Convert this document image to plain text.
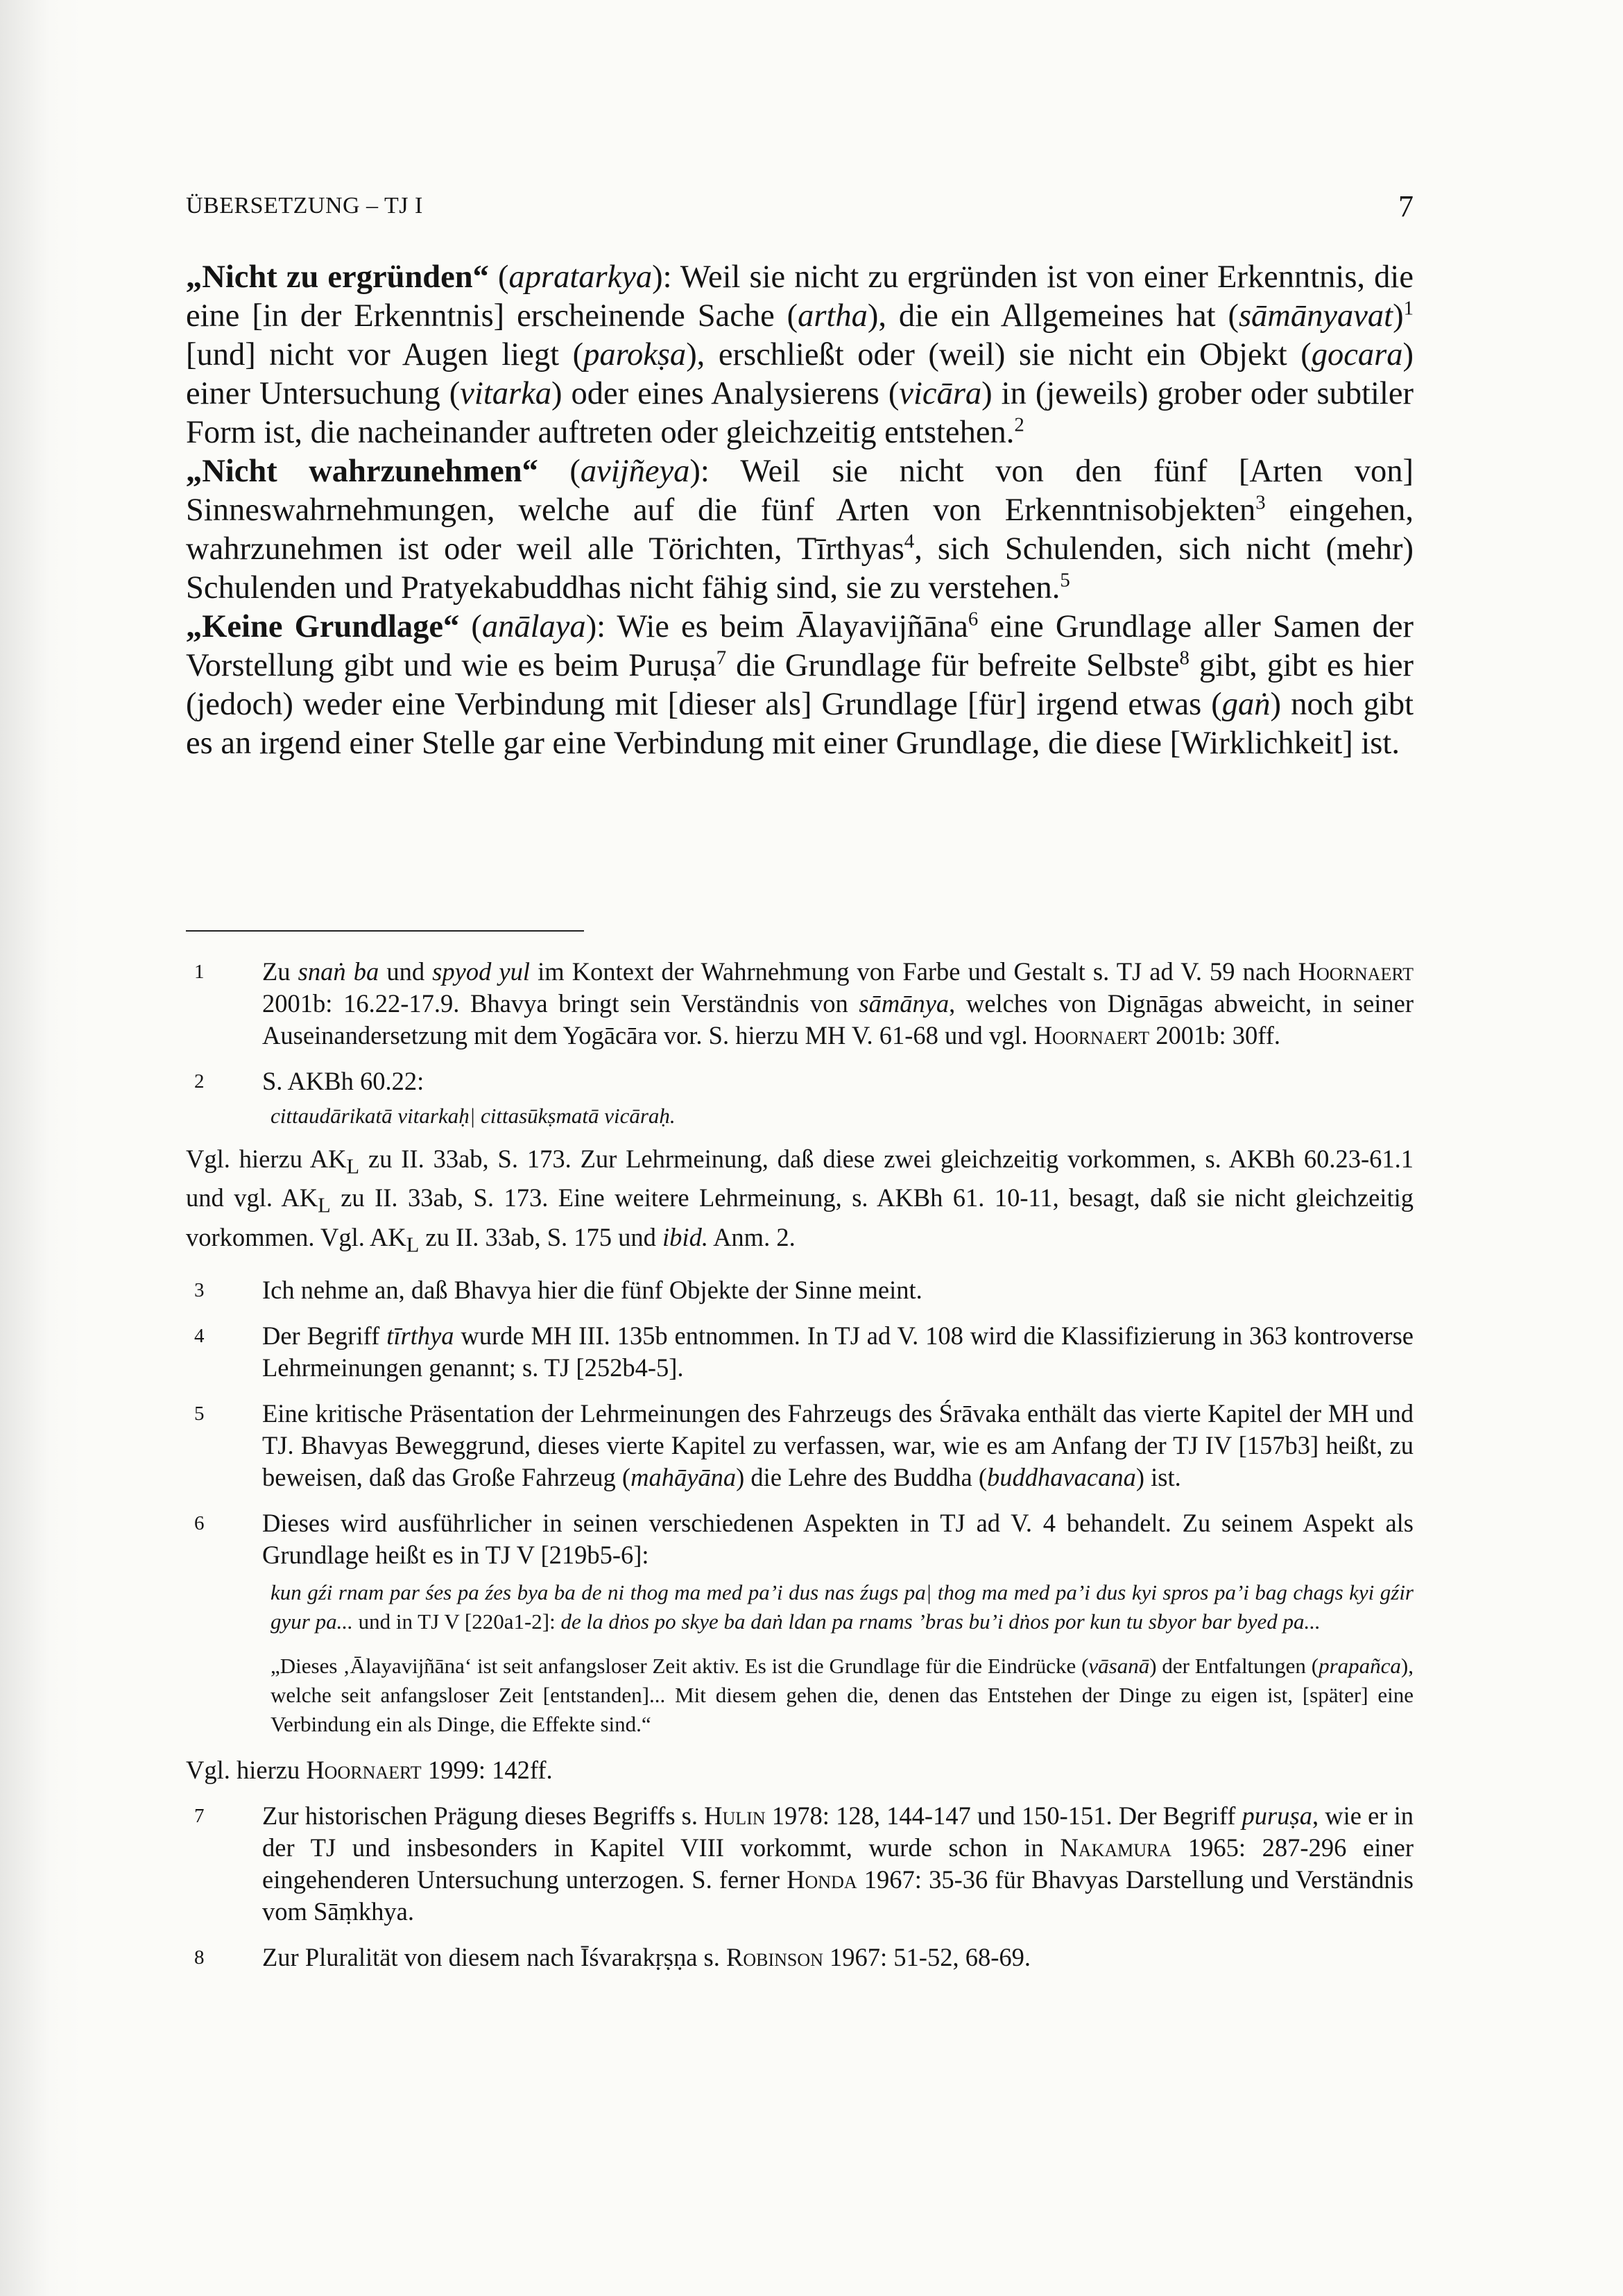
ÜBERSETZUNG – TJ I	7

„Nicht zu ergründen“ (apratarkya): Weil sie nicht zu ergründen ist von einer Erkenntnis, die eine [in der Erkenntnis] erscheinende Sache (artha), die ein Allgemeines hat (sāmānyavat)$^1$ [und] nicht vor Augen liegt (parokṣa), erschließt oder (weil) sie nicht ein Objekt (gocara) einer Untersuchung (vitarka) oder eines Analysierens (vicāra) in (jeweils) grober oder subtiler Form ist, die nacheinander auftreten oder gleichzeitig entstehen.$^2$

„Nicht wahrzunehmen“ (avijñeya): Weil sie nicht von den fünf [Arten von] Sinneswahrnehmungen, welche auf die fünf Arten von Erkenntnisobjekten$^3$ eingehen, wahrzunehmen ist oder weil alle Törichten, Tīrthyas$^4$, sich Schulenden, sich nicht (mehr) Schulenden und Pratyekabuddhas nicht fähig sind, sie zu verstehen.$^5$

„Keine Grundlage“ (anālaya): Wie es beim Ālayavijñāna$^6$ eine Grundlage aller Samen der Vorstellung gibt und wie es beim Puruṣa$^7$ die Grundlage für befreite Selbste$^8$ gibt, gibt es hier (jedoch) weder eine Verbindung mit [dieser als] Grundlage [für] irgend etwas (gaṅ) noch gibt es an irgend einer Stelle gar eine Verbindung mit einer Grundlage, die diese [Wirklichkeit] ist.

1 Zu snaṅ ba und spyod yul im Kontext der Wahrnehmung von Farbe und Gestalt s. TJ ad V. 59 nach Hoornaert 2001b: 16.22-17.9. Bhavya bringt sein Verständnis von sāmānya, welches von Dignāgas abweicht, in seiner Auseinandersetzung mit dem Yogācāra vor. S. hierzu MH V. 61-68 und vgl. Hoornaert 2001b: 30ff.
2 S. AKBh 60.22:
cittaudārikatā vitarkaḥ| cittasūkṣmatā vicāraḥ.
Vgl. hierzu $AK_L$ zu II. 33ab, S. 173. Zur Lehrmeinung, daß diese zwei gleichzeitig vorkommen, s. AKBh 60.23-61.1 und vgl. $AK_L$ zu II. 33ab, S. 173. Eine weitere Lehrmeinung, s. AKBh 61. 10-11, besagt, daß sie nicht gleichzeitig vorkommen. Vgl. $AK_L$ zu II. 33ab, S. 175 und ibid. Anm. 2.
3 Ich nehme an, daß Bhavya hier die fünf Objekte der Sinne meint.
4 Der Begriff tīrthya wurde MH III. 135b entnommen. In TJ ad V. 108 wird die Klassifizierung in 363 kontroverse Lehrmeinungen genannt; s. TJ [252b4-5].
5 Eine kritische Präsentation der Lehrmeinungen des Fahrzeugs des Śrāvaka enthält das vierte Kapitel der MH und TJ. Bhavyas Beweggrund, dieses vierte Kapitel zu verfassen, war, wie es am Anfang der TJ IV [157b3] heißt, zu beweisen, daß das Große Fahrzeug (mahāyāna) die Lehre des Buddha (buddhavacana) ist.
6 Dieses wird ausführlicher in seinen verschiedenen Aspekten in TJ ad V. 4 behandelt. Zu seinem Aspekt als Grundlage heißt es in TJ V [219b5-6]:

kun gźi rnam par śes pa źes bya ba de ni thog ma med pa’i dus nas źugs pa| thog ma med pa’i dus kyi spros pa’i bag chags kyi gźir gyur pa... und in TJ V [220a1-2]: de la dṅos po skye ba daṅ ldan pa rnams ’bras bu’i dṅos por kun tu sbyor bar byed pa...

„Dieses ‚Ālayavijñāna‘ ist seit anfangsloser Zeit aktiv. Es ist die Grundlage für die Eindrücke (vāsanā) der Entfaltungen (prapañca), welche seit anfangsloser Zeit [entstanden]... Mit diesem gehen die, denen das Entstehen der Dinge zu eigen ist, [später] eine Verbindung ein als Dinge, die Effekte sind.“

Vgl. hierzu Hoornaert 1999: 142ff.
7 Zur historischen Prägung dieses Begriffs s. Hulin 1978: 128, 144-147 und 150-151. Der Begriff puruṣa, wie er in der TJ und insbesonders in Kapitel VIII vorkommt, wurde schon in Nakamura 1965: 287-296 einer eingehenderen Untersuchung unterzogen. S. ferner Honda 1967: 35-36 für Bhavyas Darstellung und Verständnis vom Sāṃkhya.
8 Zur Pluralität von diesem nach Īśvarakṛṣṇa s. Robinson 1967: 51-52, 68-69.
